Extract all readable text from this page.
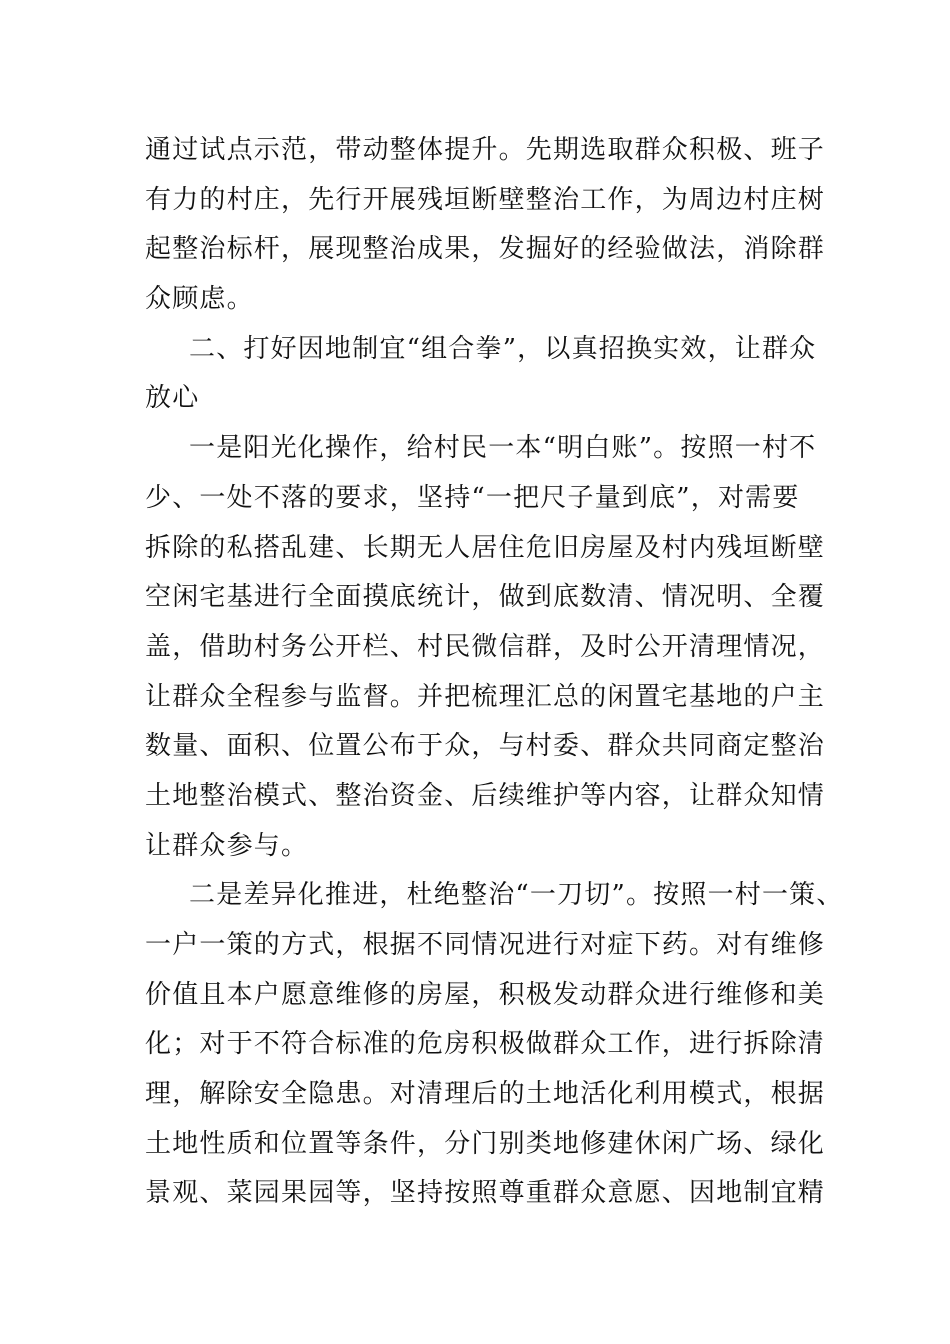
通过试点示范，带动整体提升。先期选取群众积极、班子
有力的村庄，先行开展残垣断壁整治工作，为周边村庄树
起整治标杆，展现整治成果，发掘好的经验做法，消除群
众顾虑。
二、打好因地制宜“组合拳”，以真招换实效，让群众
放心
一是阳光化操作，给村民一本“明白账”。按照一村不
少、一处不落的要求，坚持“一把尺子量到底”，对需要
拆除的私搭乱建、长期无人居住危旧房屋及村内残垣断壁
空闲宅基进行全面摸底统计，做到底数清、情况明、全覆
盖，借助村务公开栏、村民微信群，及时公开清理情况，
让群众全程参与监督。并把梳理汇总的闲置宅基地的户主
数量、面积、位置公布于众，与村委、群众共同商定整治
土地整治模式、整治资金、后续维护等内容，让群众知情
让群众参与。
二是差异化推进，杜绝整治“一刀切”。按照一村一策、
一户一策的方式，根据不同情况进行对症下药。对有维修
价值且本户愿意维修的房屋，积极发动群众进行维修和美
化；对于不符合标准的危房积极做群众工作，进行拆除清
理，解除安全隐患。对清理后的土地活化利用模式，根据
土地性质和位置等条件，分门别类地修建休闲广场、绿化
景观、菜园果园等，坚持按照尊重群众意愿、因地制宜精
